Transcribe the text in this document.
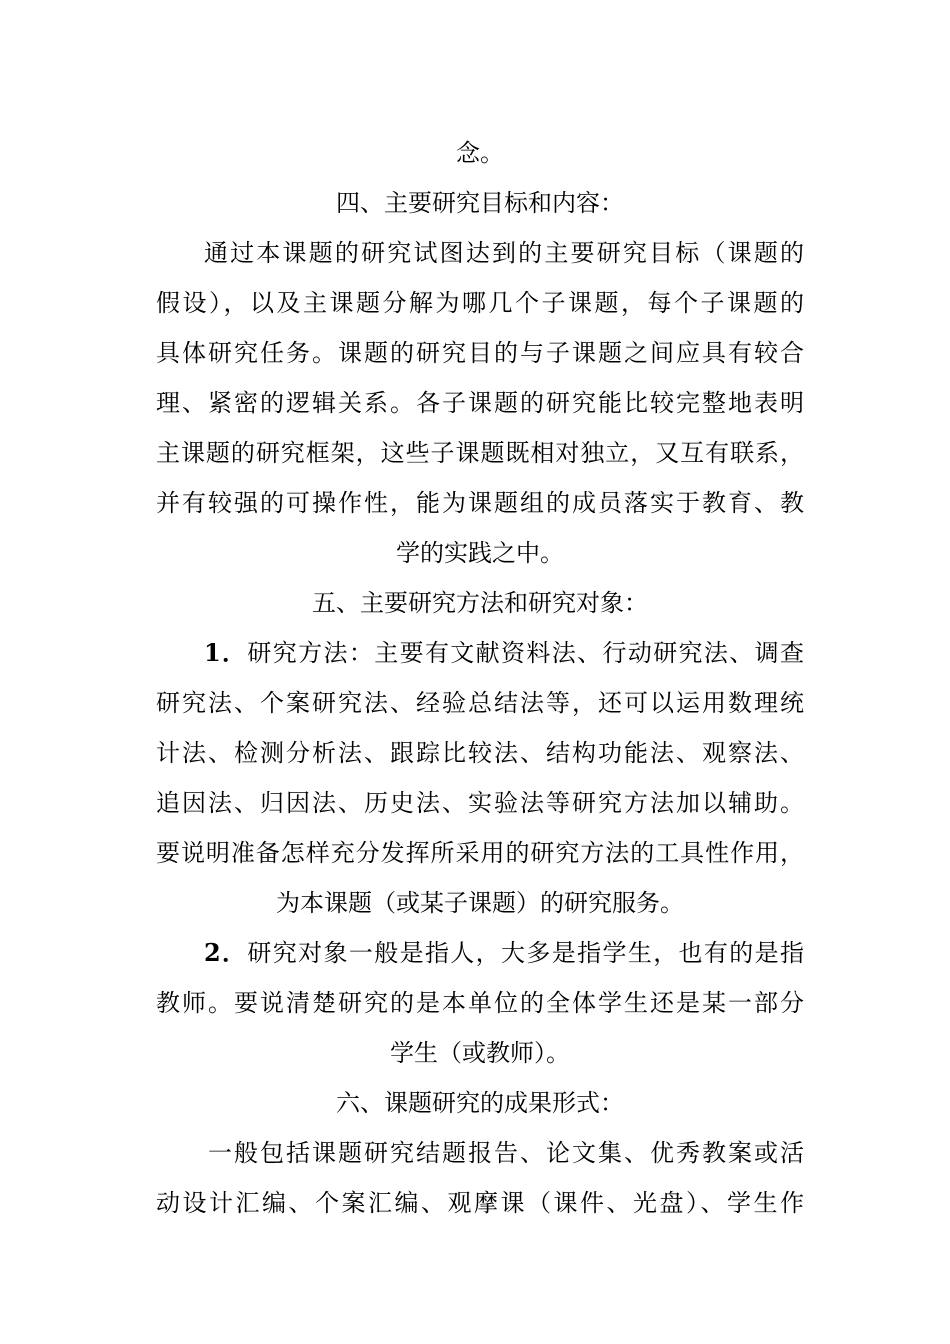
念。
四、主要研究目标和内容：
通过本课题的研究试图达到的主要研究目标（课题的
假设），以及主课题分解为哪几个子课题，每个子课题的
具体研究任务。课题的研究目的与子课题之间应具有较合
理、紧密的逻辑关系。各子课题的研究能比较完整地表明
主课题的研究框架，这些子课题既相对独立，又互有联系，
并有较强的可操作性，能为课题组的成员落实于教育、教
学的实践之中。
五、主要研究方法和研究对象：
1．研究方法：主要有文献资料法、行动研究法、调查
研究法、个案研究法、经验总结法等，还可以运用数理统
计法、检测分析法、跟踪比较法、结构功能法、观察法、
追因法、归因法、历史法、实验法等研究方法加以辅助。
要说明准备怎样充分发挥所采用的研究方法的工具性作用，
为本课题（或某子课题）的研究服务。
2．研究对象一般是指人，大多是指学生，也有的是指
教师。要说清楚研究的是本单位的全体学生还是某一部分
学生（或教师）。
六、课题研究的成果形式：
一般包括课题研究结题报告、论文集、优秀教案或活
动设计汇编、个案汇编、观摩课（课件、光盘）、学生作
